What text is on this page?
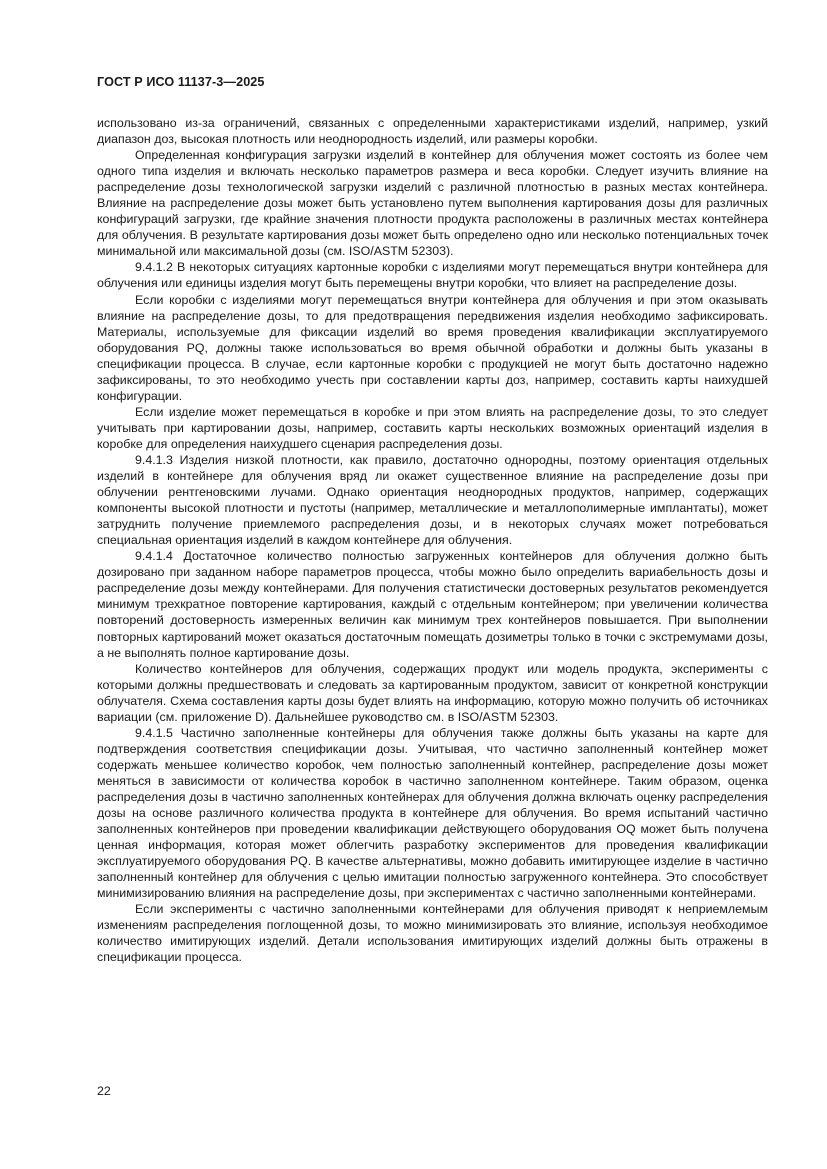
ГОСТ Р ИСО 11137-3—2025

использовано из-за ограничений, связанных с определенными характеристиками изделий, например, узкий диапазон доз, высокая плотность или неоднородность изделий, или размеры коробки.

Определенная конфигурация загрузки изделий в контейнер для облучения может состоять из более чем одного типа изделия и включать несколько параметров размера и веса коробки. Следует изучить влияние на распределение дозы технологической загрузки изделий с различной плотностью в разных местах контейнера. Влияние на распределение дозы может быть установлено путем выполнения картирования дозы для различных конфигураций загрузки, где крайние значения плотности продукта расположены в различных местах контейнера для облучения. В результате картирования дозы может быть определено одно или несколько потенциальных точек минимальной или максимальной дозы (см. ISO/ASTM 52303).

9.4.1.2 В некоторых ситуациях картонные коробки с изделиями могут перемещаться внутри контейнера для облучения или единицы изделия могут быть перемещены внутри коробки, что влияет на распределение дозы.

Если коробки с изделиями могут перемещаться внутри контейнера для облучения и при этом оказывать влияние на распределение дозы, то для предотвращения передвижения изделия необходимо зафиксировать. Материалы, используемые для фиксации изделий во время проведения квалификации эксплуатируемого оборудования PQ, должны также использоваться во время обычной обработки и должны быть указаны в спецификации процесса. В случае, если картонные коробки с продукцией не могут быть достаточно надежно зафиксированы, то это необходимо учесть при составлении карты доз, например, составить карты наихудшей конфигурации.

Если изделие может перемещаться в коробке и при этом влиять на распределение дозы, то это следует учитывать при картировании дозы, например, составить карты нескольких возможных ориентаций изделия в коробке для определения наихудшего сценария распределения дозы.

9.4.1.3 Изделия низкой плотности, как правило, достаточно однородны, поэтому ориентация отдельных изделий в контейнере для облучения вряд ли окажет существенное влияние на распределение дозы при облучении рентгеновскими лучами. Однако ориентация неоднородных продуктов, например, содержащих компоненты высокой плотности и пустоты (например, металлические и металлополимерные имплантаты), может затруднить получение приемлемого распределения дозы, и в некоторых случаях может потребоваться специальная ориентация изделий в каждом контейнере для облучения.

9.4.1.4 Достаточное количество полностью загруженных контейнеров для облучения должно быть дозировано при заданном наборе параметров процесса, чтобы можно было определить вариабельность дозы и распределение дозы между контейнерами. Для получения статистически достоверных результатов рекомендуется минимум трехкратное повторение картирования, каждый с отдельным контейнером; при увеличении количества повторений достоверность измеренных величин как минимум трех контейнеров повышается. При выполнении повторных картирований может оказаться достаточным помещать дозиметры только в точки с экстремумами дозы, а не выполнять полное картирование дозы.

Количество контейнеров для облучения, содержащих продукт или модель продукта, эксперименты с которыми должны предшествовать и следовать за картированным продуктом, зависит от конкретной конструкции облучателя. Схема составления карты дозы будет влиять на информацию, которую можно получить об источниках вариации (см. приложение D). Дальнейшее руководство см. в ISO/ASTM 52303.

9.4.1.5 Частично заполненные контейнеры для облучения также должны быть указаны на карте для подтверждения соответствия спецификации дозы. Учитывая, что частично заполненный контейнер может содержать меньшее количество коробок, чем полностью заполненный контейнер, распределение дозы может меняться в зависимости от количества коробок в частично заполненном контейнере. Таким образом, оценка распределения дозы в частично заполненных контейнерах для облучения должна включать оценку распределения дозы на основе различного количества продукта в контейнере для облучения. Во время испытаний частично заполненных контейнеров при проведении квалификации действующего оборудования OQ может быть получена ценная информация, которая может облегчить разработку экспериментов для проведения квалификации эксплуатируемого оборудования PQ. В качестве альтернативы, можно добавить имитирующее изделие в частично заполненный контейнер для облучения с целью имитации полностью загруженного контейнера. Это способствует минимизированию влияния на распределение дозы, при экспериментах с частично заполненными контейнерами.

Если эксперименты с частично заполненными контейнерами для облучения приводят к неприемлемым изменениям распределения поглощенной дозы, то можно минимизировать это влияние, используя необходимое количество имитирующих изделий. Детали использования имитирующих изделий должны быть отражены в спецификации процесса.

22
